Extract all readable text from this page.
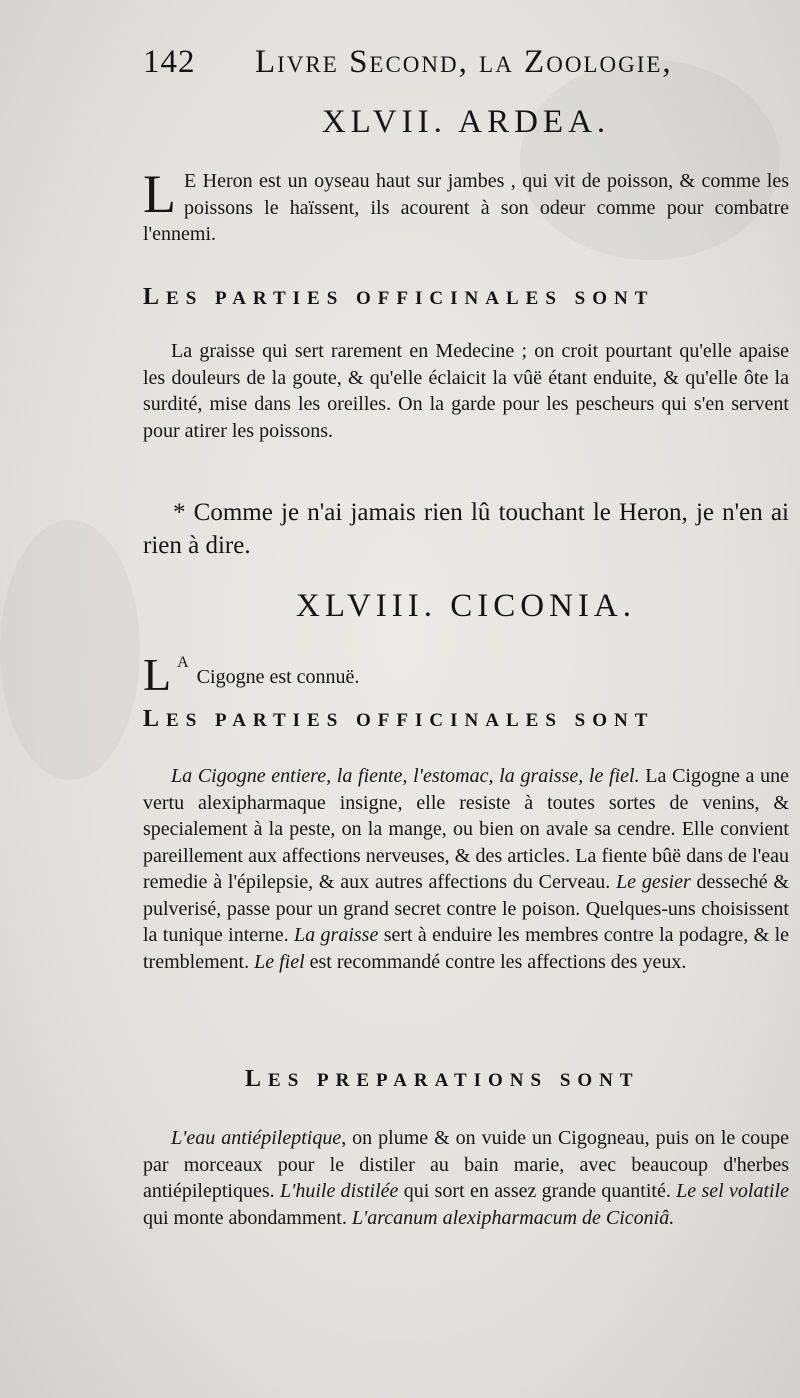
142 Livre Second, la Zoologie,
XLVII. ARDEA.
L E Heron est un oyseau haut sur jambes , qui vit de poisson, & comme les poissons le haïssent, ils acourent à son odeur comme pour combatre l'ennemi.
LES PARTIES OFFICINALES SONT
La graisse qui sert rarement en Medecine ; on croit pourtant qu'elle apaise les douleurs de la goute, & qu'elle éclaicit la vûë étant enduite, & qu'elle ôte la surdité, mise dans les oreilles. On la garde pour les pescheurs qui s'en servent pour atirer les poissons.
* Comme je n'ai jamais rien lû touchant le Heron, je n'en ai rien à dire.
XLVIII. CICONIA.
L $^A$Cigogne est connuë.
LES PARTIES OFFICINALES SONT
La Cigogne entiere, la fiente, l'estomac, la graisse, le fiel. La Cigogne a une vertu alexipharmaque insigne, elle resiste à toutes sortes de venins, & specialement à la peste, on la mange, ou bien on avale sa cendre. Elle convient pareillement aux affections nerveuses, & des articles. La fiente bûë dans de l'eau remedie à l'épilepsie, & aux autres affections du Cerveau. Le gesier desseché & pulverisé, passe pour un grand secret contre le poison. Quelques-uns choisissent la tunique interne. La graisse sert à enduire les membres contre la podagre, & le tremblement. Le fiel est recommandé contre les affections des yeux.
LES PREPARATIONS SONT
L'eau antiépileptique, on plume & on vuide un Cigogneau, puis on le coupe par morceaux pour le distiler au bain marie, avec beaucoup d'herbes antiépileptiques. L'huile distilée qui sort en assez grande quantité. Le sel volatile qui monte abondamment. L'arcanum alexipharmacum de Ciconiâ.
